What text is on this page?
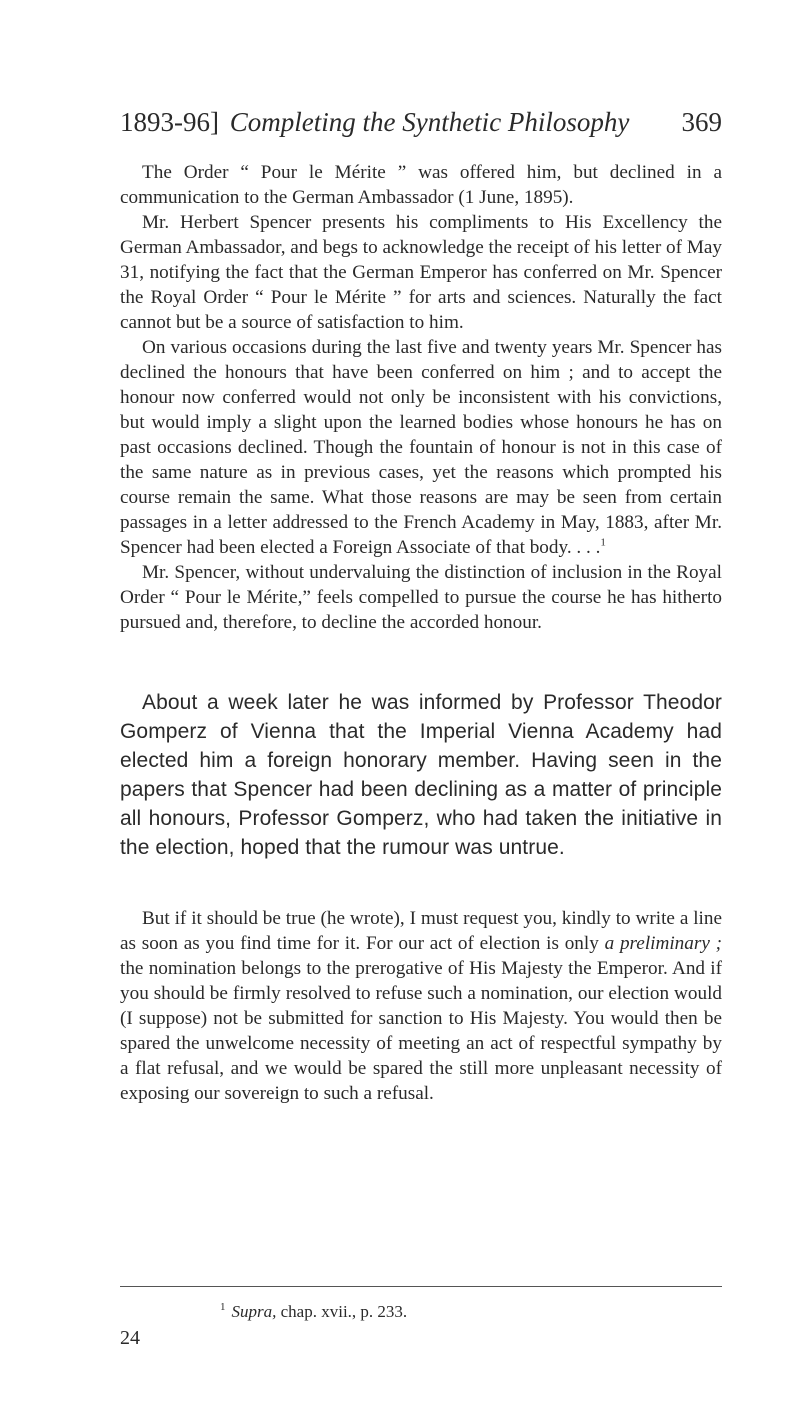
1893-96] Completing the Synthetic Philosophy 369

The Order “ Pour le Mérite ” was offered him, but declined in a communication to the German Ambassador (1 June, 1895).

Mr. Herbert Spencer presents his compliments to His Excellency the German Ambassador, and begs to acknowledge the receipt of his letter of May 31, notifying the fact that the German Emperor has conferred on Mr. Spencer the Royal Order “ Pour le Mérite ” for arts and sciences. Naturally the fact cannot but be a source of satisfaction to him.

On various occasions during the last five and twenty years Mr. Spencer has declined the honours that have been conferred on him ; and to accept the honour now conferred would not only be inconsistent with his convictions, but would imply a slight upon the learned bodies whose honours he has on past occasions declined. Though the fountain of honour is not in this case of the same nature as in previous cases, yet the reasons which prompted his course remain the same. What those reasons are may be seen from certain passages in a letter addressed to the French Academy in May, 1883, after Mr. Spencer had been elected a Foreign Associate of that body. . . .$^1$

Mr. Spencer, without undervaluing the distinction of inclusion in the Royal Order “ Pour le Mérite,” feels compelled to pursue the course he has hitherto pursued and, therefore, to decline the accorded honour.

About a week later he was informed by Professor Theodor Gomperz of Vienna that the Imperial Vienna Academy had elected him a foreign honorary member. Having seen in the papers that Spencer had been declining as a matter of principle all honours, Professor Gomperz, who had taken the initiative in the election, hoped that the rumour was untrue.

But if it should be true (he wrote), I must request you, kindly to write a line as soon as you find time for it. For our act of election is only a preliminary ; the nomination belongs to the prerogative of His Majesty the Emperor. And if you should be firmly resolved to refuse such a nomination, our election would (I suppose) not be submitted for sanction to His Majesty. You would then be spared the unwelcome necessity of meeting an act of respectful sympathy by a flat refusal, and we would be spared the still more unpleasant necessity of exposing our sovereign to such a refusal.

$^1$ Supra, chap. xvii., p. 233.
24
